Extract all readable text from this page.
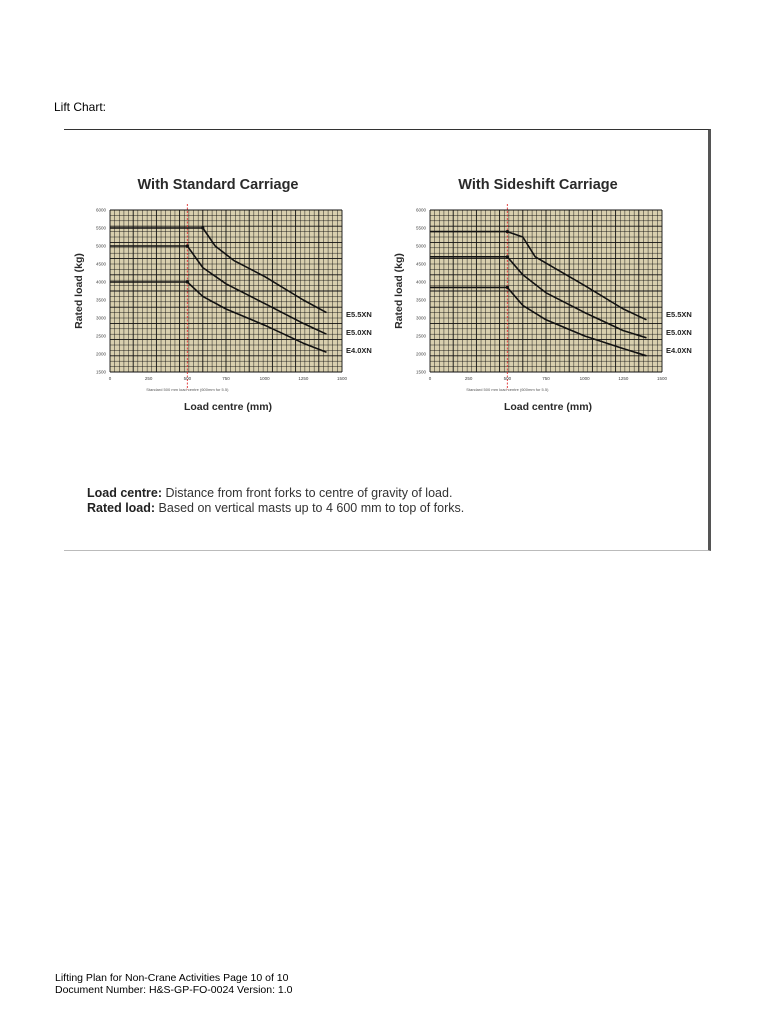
Lift Chart:
With Standard Carriage
1500
2000
2500
3000
3500
4000
4500
5000
5500
6000
0	250	500	750	1000	1250	1500
Standard 500 mm load centre (600mm for 5.5)
Load centre (mm)
Rated load (kg)	E5.5XN
E5.0XN
E4.0XN
With Sideshift Carriage
1500
2000
2500
3000
3500
4000
4500
5000
5500
6000
0	250	500	750	1000	1250	1500
Standard 500 mm load centre (600mm for 5.5)
Load centre (mm)
Rated load (kg)	E5.5XN
E5.0XN
E4.0XN
Load centre: Distance from front forks to centre of gravity of load.
Rated load: Based on vertical masts up to 4 600 mm to top of forks.
Lifting Plan for Non-Crane Activities Page 10 of 10
Document Number: H&S-GP-FO-0024 Version: 1.0
